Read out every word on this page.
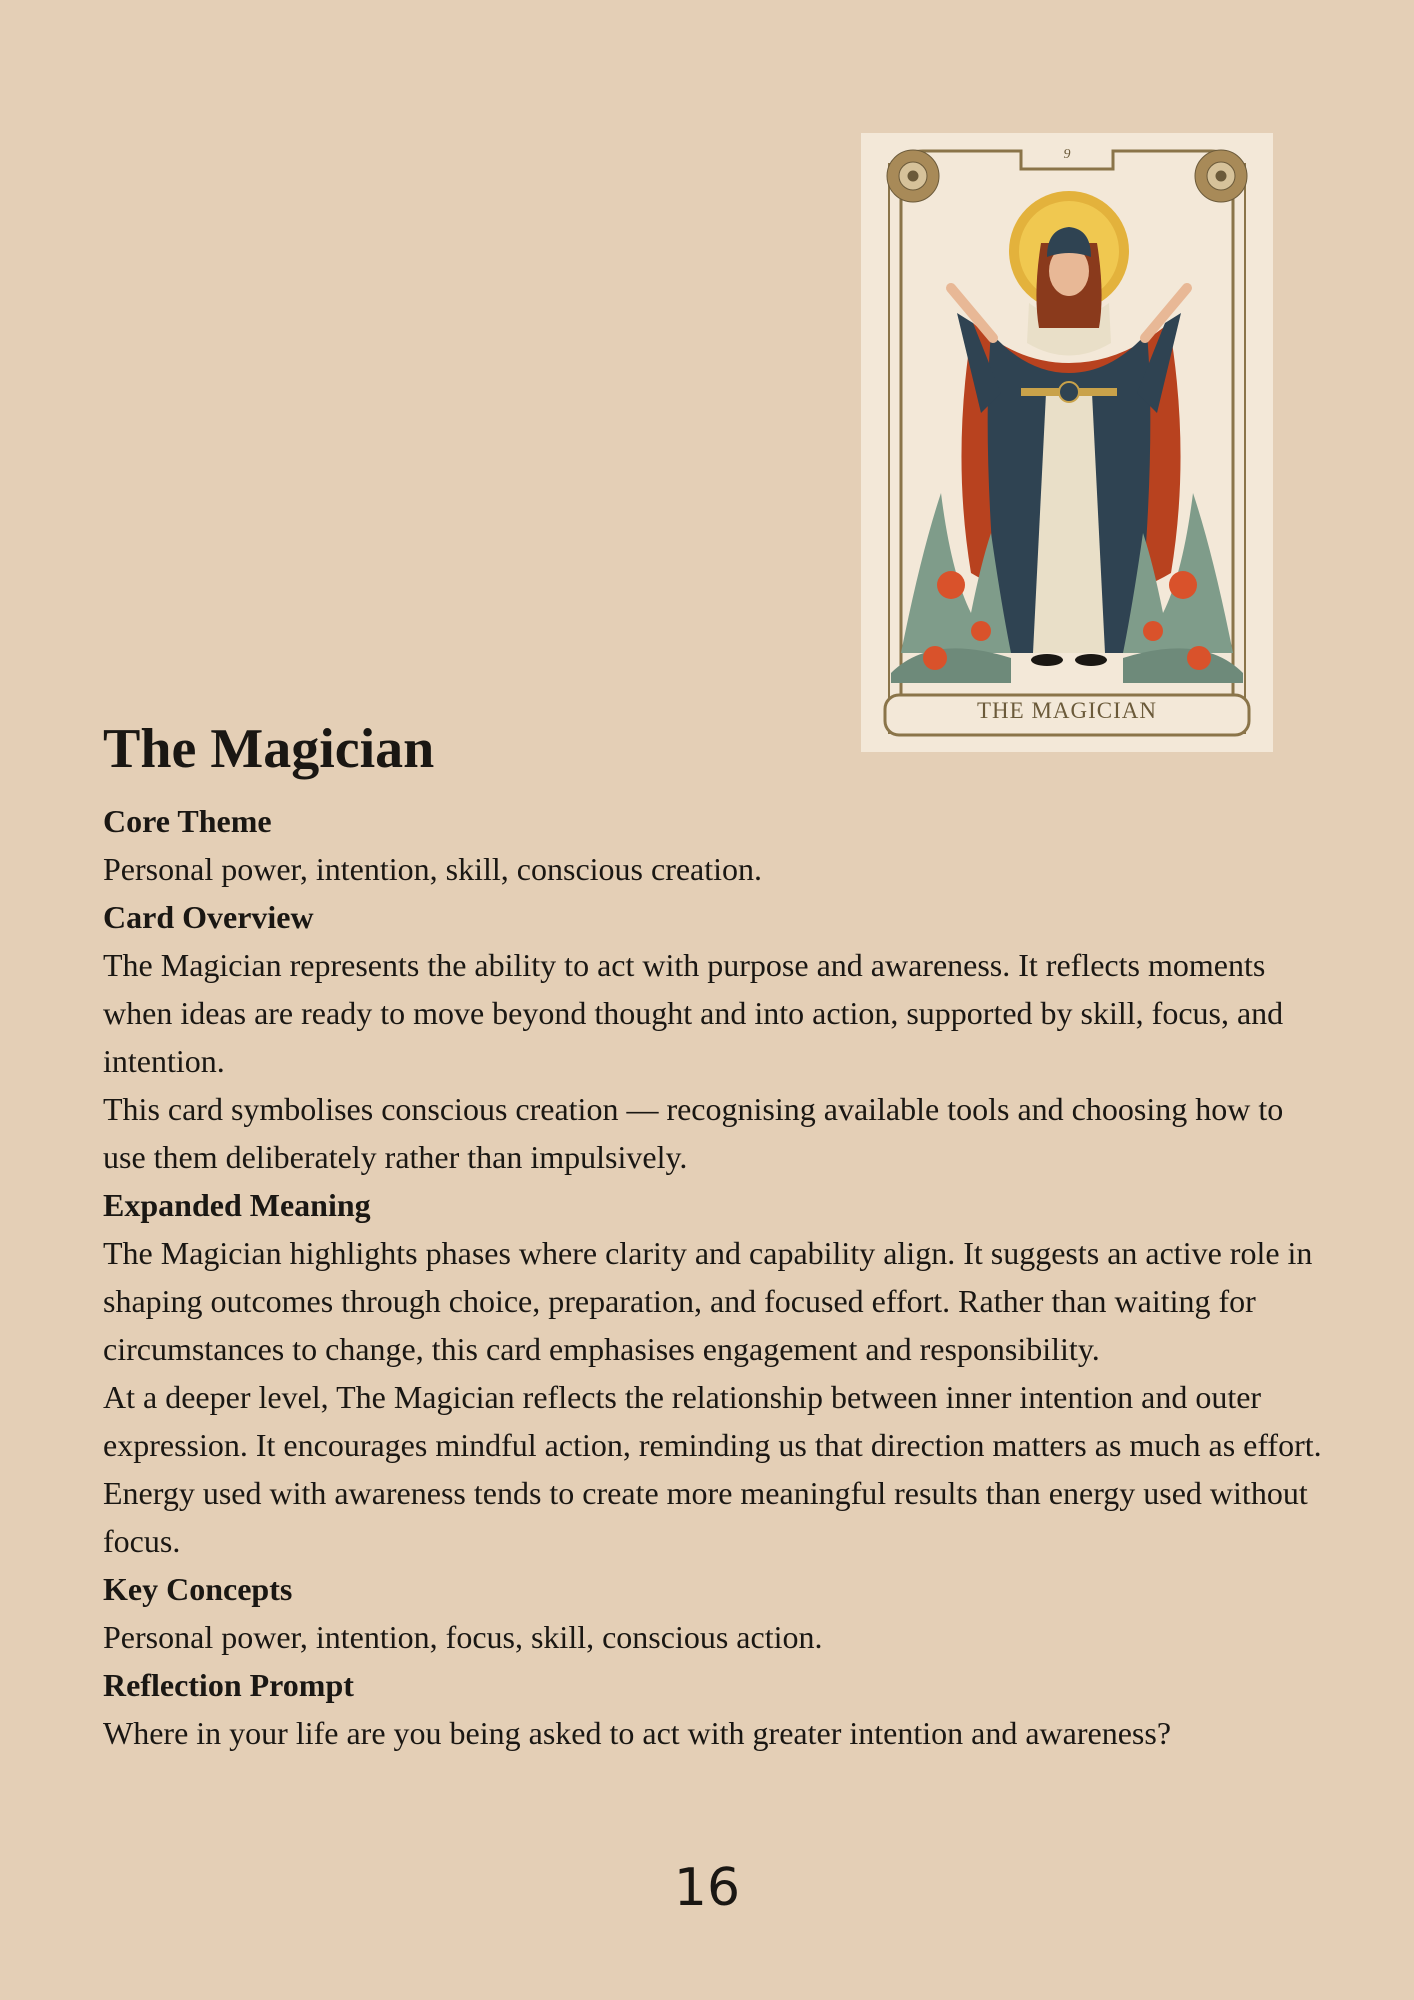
9
THE MAGICIAN
The Magician
Core Theme

Personal power, intention, skill, conscious creation.

Card Overview

The Magician represents the ability to act with purpose and awareness. It reflects moments when ideas are ready to move beyond thought and into action, supported by skill, focus, and intention.

This card symbolises conscious creation — recognising available tools and choosing how to use them deliberately rather than impulsively.

Expanded Meaning

The Magician highlights phases where clarity and capability align. It suggests an active role in shaping outcomes through choice, preparation, and focused effort. Rather than waiting for circumstances to change, this card emphasises engagement and responsibility.

At a deeper level, The Magician reflects the relationship between inner intention and outer expression. It encourages mindful action, reminding us that direction matters as much as effort. Energy used with awareness tends to create more meaningful results than energy used without focus.

Key Concepts

Personal power, intention, focus, skill, conscious action.

Reflection Prompt

Where in your life are you being asked to act with greater intention and awareness?

16
